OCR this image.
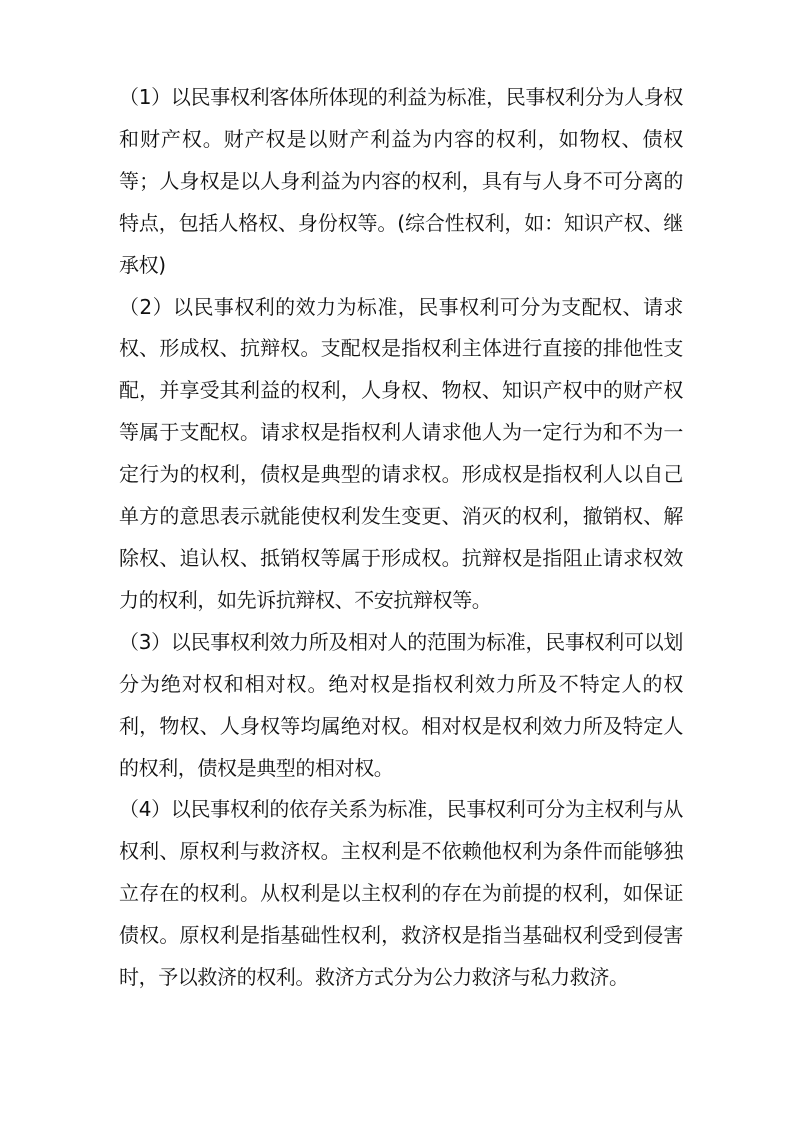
（1）以民事权利客体所体现的利益为标准，民事权利分为人身权和财产权。财产权是以财产利益为内容的权利，如物权、债权等；人身权是以人身利益为内容的权利，具有与人身不可分离的特点，包括人格权、身份权等。(综合性权利，如：知识产权、继承权)

（2）以民事权利的效力为标准，民事权利可分为支配权、请求权、形成权、抗辩权。支配权是指权利主体进行直接的排他性支配，并享受其利益的权利，人身权、物权、知识产权中的财产权等属于支配权。请求权是指权利人请求他人为一定行为和不为一定行为的权利，债权是典型的请求权。形成权是指权利人以自己单方的意思表示就能使权利发生变更、消灭的权利，撤销权、解除权、追认权、抵销权等属于形成权。抗辩权是指阻止请求权效力的权利，如先诉抗辩权、不安抗辩权等。

（3）以民事权利效力所及相对人的范围为标准，民事权利可以划分为绝对权和相对权。绝对权是指权利效力所及不特定人的权利，物权、人身权等均属绝对权。相对权是权利效力所及特定人的权利，债权是典型的相对权。

（4）以民事权利的依存关系为标准，民事权利可分为主权利与从权利、原权利与救济权。主权利是不依赖他权利为条件而能够独立存在的权利。从权利是以主权利的存在为前提的权利，如保证债权。原权利是指基础性权利，救济权是指当基础权利受到侵害时，予以救济的权利。救济方式分为公力救济与私力救济。
